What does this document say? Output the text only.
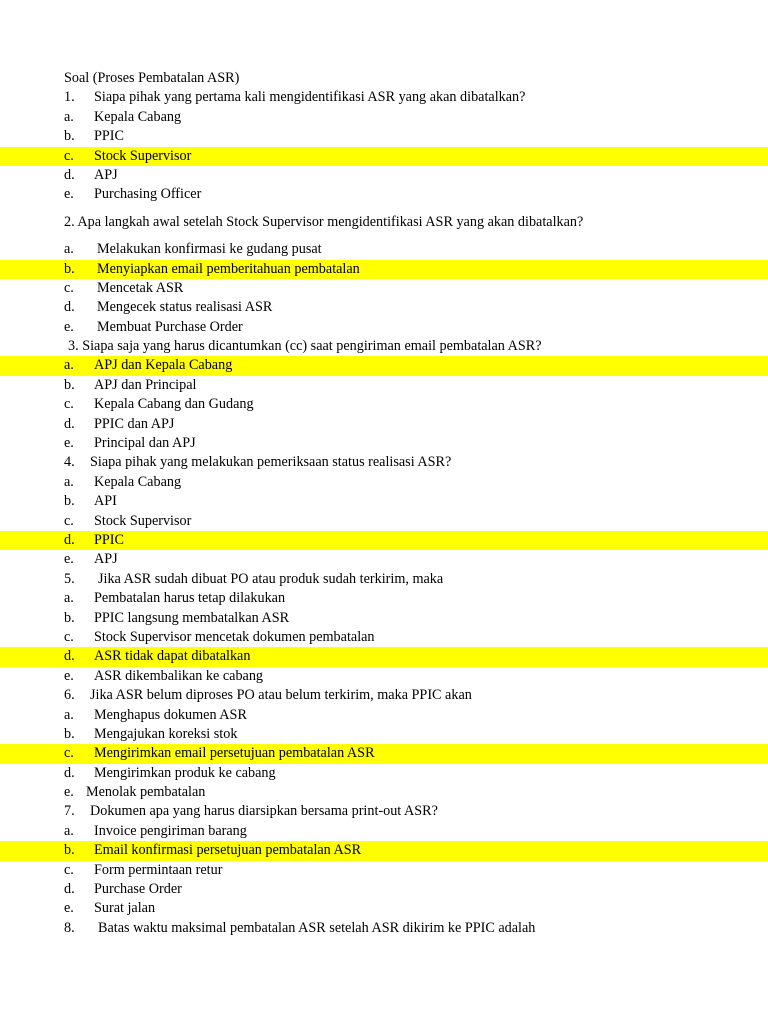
Soal (Proses Pembatalan ASR)
1. Siapa pihak yang pertama kali mengidentifikasi ASR yang akan dibatalkan?
a. Kepala Cabang
b. PPIC
c. Stock Supervisor
d. APJ
e. Purchasing Officer
2. Apa langkah awal setelah Stock Supervisor mengidentifikasi ASR yang akan dibatalkan?
a. Melakukan konfirmasi ke gudang pusat
b. Menyiapkan email pemberitahuan pembatalan
c. Mencetak ASR
d. Mengecek status realisasi ASR
e. Membuat Purchase Order
3. Siapa saja yang harus dicantumkan (cc) saat pengiriman email pembatalan ASR?
a. APJ dan Kepala Cabang
b. APJ dan Principal
c. Kepala Cabang dan Gudang
d. PPIC dan APJ
e. Principal dan APJ
4. Siapa pihak yang melakukan pemeriksaan status realisasi ASR?
a. Kepala Cabang
b. API
c. Stock Supervisor
d. PPIC
e. APJ
5. Jika ASR sudah dibuat PO atau produk sudah terkirim, maka
a. Pembatalan harus tetap dilakukan
b. PPIC langsung membatalkan ASR
c. Stock Supervisor mencetak dokumen pembatalan
d. ASR tidak dapat dibatalkan
e. ASR dikembalikan ke cabang
6. Jika ASR belum diproses PO atau belum terkirim, maka PPIC akan
a. Menghapus dokumen ASR
b. Mengajukan koreksi stok
c. Mengirimkan email persetujuan pembatalan ASR
d. Mengirimkan produk ke cabang
e. Menolak pembatalan
7. Dokumen apa yang harus diarsipkan bersama print-out ASR?
a. Invoice pengiriman barang
b. Email konfirmasi persetujuan pembatalan ASR
c. Form permintaan retur
d. Purchase Order
e. Surat jalan
8. Batas waktu maksimal pembatalan ASR setelah ASR dikirim ke PPIC adalah
